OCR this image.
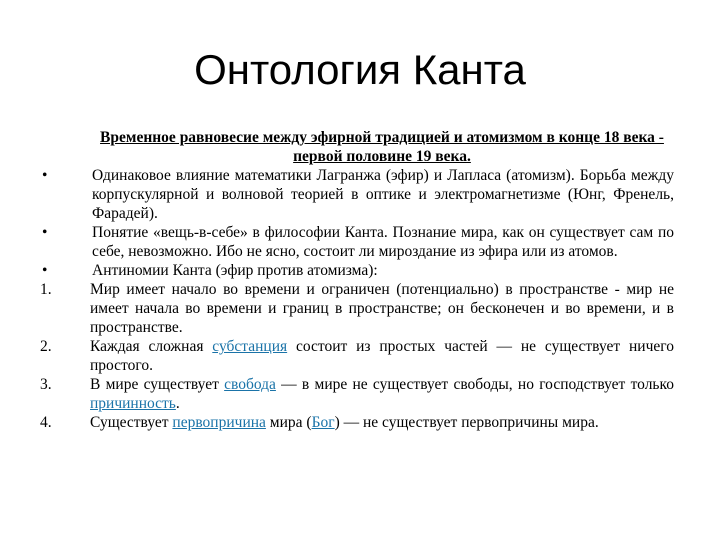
Онтология Канта

Временное равновесие между эфирной традицией и атомизмом в конце 18 века - первой половине 19 века.

•	Одинаковое влияние математики Лагранжа (эфир) и Лапласа (атомизм). Борьба между корпускулярной и волновой теорией в оптике и электромагнетизме (Юнг, Френель, Фарадей).
•	Понятие «вещь-в-себе» в философии Канта. Познание мира, как он существует сам по себе, невозможно. Ибо не ясно, состоит ли мироздание из эфира или из атомов.
•	Антиномии Канта (эфир против атомизма):
1.	Мир имеет начало во времени и ограничен (потенциально) в пространстве - мир не имеет начала во времени и границ в пространстве; он бесконечен и во времени, и в пространстве.
2.	Каждая сложная субстанция состоит из простых частей — не существует ничего простого.
3.	В мире существует свобода — в мире не существует свободы, но господствует только причинность.
4.	Существует первопричина мира (Бог) — не существует первопричины мира.
